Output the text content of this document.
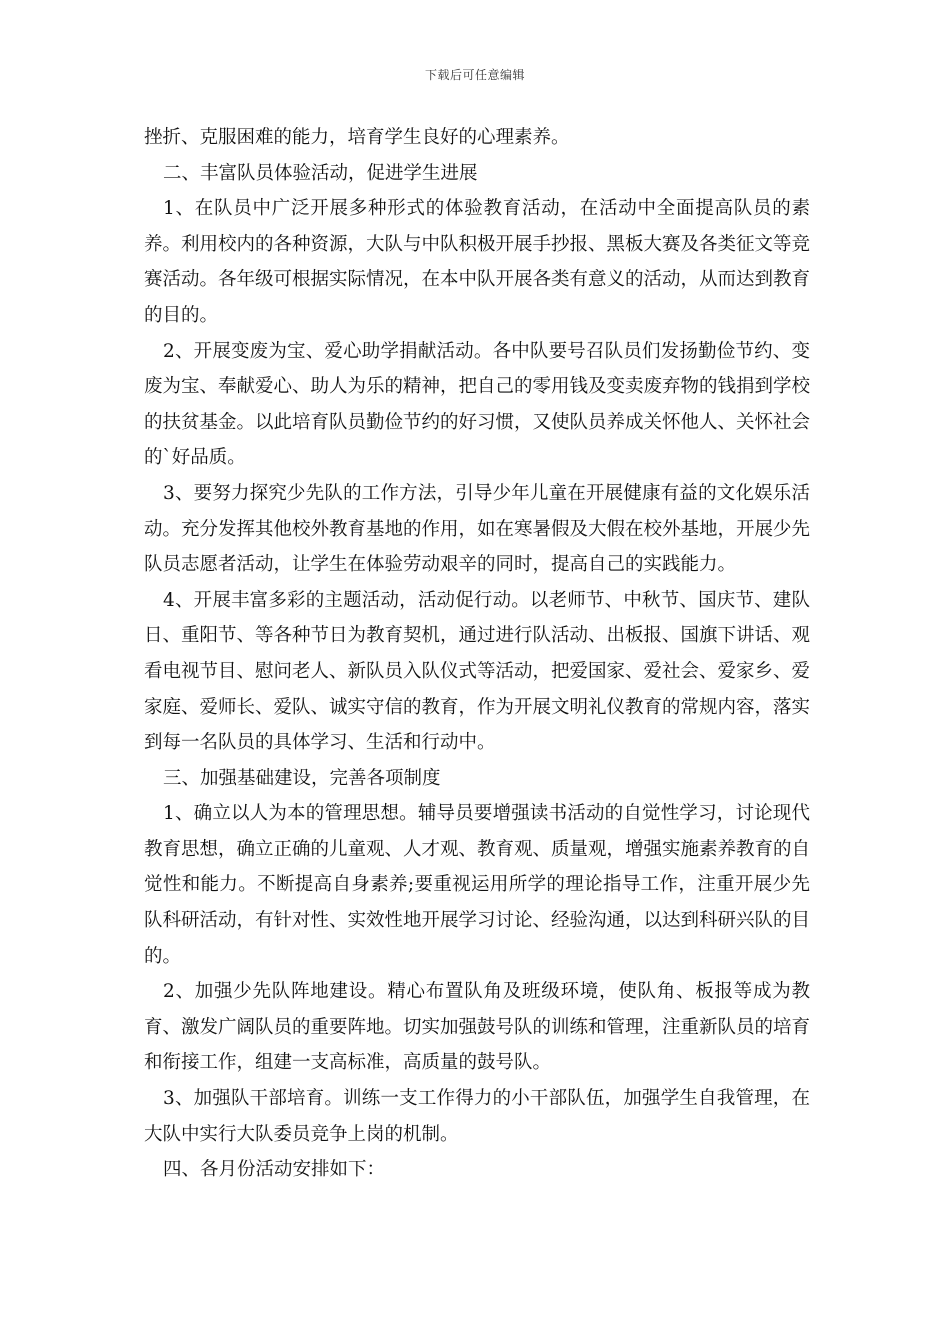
下载后可任意编辑

挫折、克服困难的能力，培育学生良好的心理素养。

二、丰富队员体验活动，促进学生进展

1、在队员中广泛开展多种形式的体验教育活动，在活动中全面提高队员的素养。利用校内的各种资源，大队与中队积极开展手抄报、黑板大赛及各类征文等竞赛活动。各年级可根据实际情况，在本中队开展各类有意义的活动，从而达到教育的目的。

2、开展变废为宝、爱心助学捐献活动。各中队要号召队员们发扬勤俭节约、变废为宝、奉献爱心、助人为乐的精神，把自己的零用钱及变卖废弃物的钱捐到学校的扶贫基金。以此培育队员勤俭节约的好习惯，又使队员养成关怀他人、关怀社会的`好品质。

3、要努力探究少先队的工作方法，引导少年儿童在开展健康有益的文化娱乐活动。充分发挥其他校外教育基地的作用，如在寒暑假及大假在校外基地，开展少先队员志愿者活动，让学生在体验劳动艰辛的同时，提高自己的实践能力。

4、开展丰富多彩的主题活动，活动促行动。以老师节、中秋节、国庆节、建队日、重阳节、等各种节日为教育契机，通过进行队活动、出板报、国旗下讲话、观看电视节目、慰问老人、新队员入队仪式等活动，把爱国家、爱社会、爱家乡、爱家庭、爱师长、爱队、诚实守信的教育，作为开展文明礼仪教育的常规内容，落实到每一名队员的具体学习、生活和行动中。

三、加强基础建设，完善各项制度

1、确立以人为本的管理思想。辅导员要增强读书活动的自觉性学习，讨论现代教育思想，确立正确的儿童观、人才观、教育观、质量观，增强实施素养教育的自觉性和能力。不断提高自身素养;要重视运用所学的理论指导工作，注重开展少先队科研活动，有针对性、实效性地开展学习讨论、经验沟通，以达到科研兴队的目的。

2、加强少先队阵地建设。精心布置队角及班级环境，使队角、板报等成为教育、激发广阔队员的重要阵地。切实加强鼓号队的训练和管理，注重新队员的培育和衔接工作，组建一支高标准，高质量的鼓号队。

3、加强队干部培育。训练一支工作得力的小干部队伍，加强学生自我管理，在大队中实行大队委员竞争上岗的机制。

四、各月份活动安排如下：
